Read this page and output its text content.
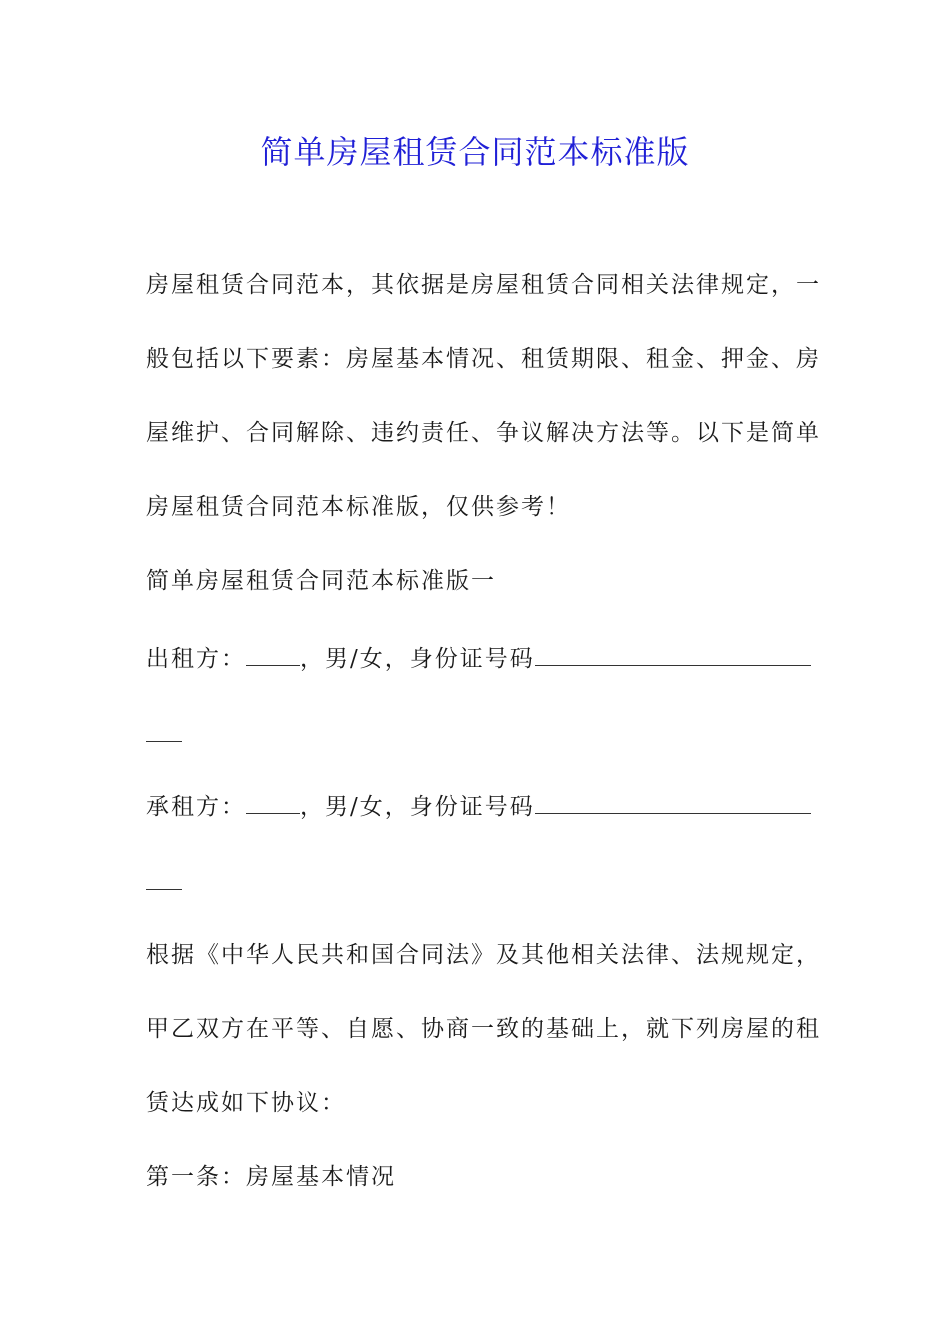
简单房屋租赁合同范本标准版
房屋租赁合同范本，其依据是房屋租赁合同相关法律规定，一
般包括以下要素：房屋基本情况、租赁期限、租金、押金、房
屋维护、合同解除、违约责任、争议解决方法等。以下是简单
房屋租赁合同范本标准版，仅供参考！
简单房屋租赁合同范本标准版一
出租方： ，男/女，身份证号码
承租方： ，男/女，身份证号码
根据《中华人民共和国合同法》及其他相关法律、法规规定，
甲乙双方在平等、自愿、协商一致的基础上，就下列房屋的租
赁达成如下协议：
第一条：房屋基本情况
